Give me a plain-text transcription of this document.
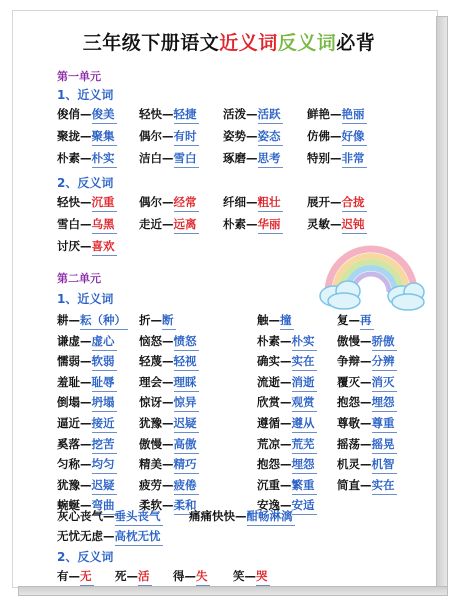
三年级下册语文近义词反义词必背
第一单元
1、近义词
俊俏—俊美 轻快—轻捷 活泼—活跃 鲜艳—艳丽
聚拢—聚集 偶尔—有时 姿势—姿态 仿佛—好像
朴素—朴实 洁白—雪白 琢磨—思考 特别—非常
2、反义词
轻快—沉重 偶尔—经常 纤细—粗壮 展开—合拢
雪白—乌黑 走近—远离 朴素—华丽 灵敏—迟钝
讨厌—喜欢
第二单元
1、近义词
耕—耘（种） 折—断	触—撞	复—再
谦虚—虚心 恼怒—愤怒	朴素—朴实 傲慢—骄傲
懦弱—软弱 轻蔑—轻视	确实—实在 争辩—分辨
羞耻—耻辱 理会—理睬	流逝—消逝 覆灭—消灭
倒塌—坍塌 惊讶—惊异	欣赏—观赏 抱怨—埋怨
逼近—接近 犹豫—迟疑	遵循—遵从 尊敬—尊重
奚落—挖苦 傲慢—高傲	荒凉—荒芜 摇荡—摇晃
匀称—均匀 精美—精巧	抱怨—埋怨 机灵—机智
犹豫—迟疑 疲劳—疲倦	沉重—繁重 简直—实在
蜿蜒—弯曲 柔软—柔和	安逸—安适
灰心丧气—垂头丧气 痛痛快快—酣畅淋漓
无忧无虑—高枕无忧
2、反义词
有—无 死—活 得—失 笑—哭
